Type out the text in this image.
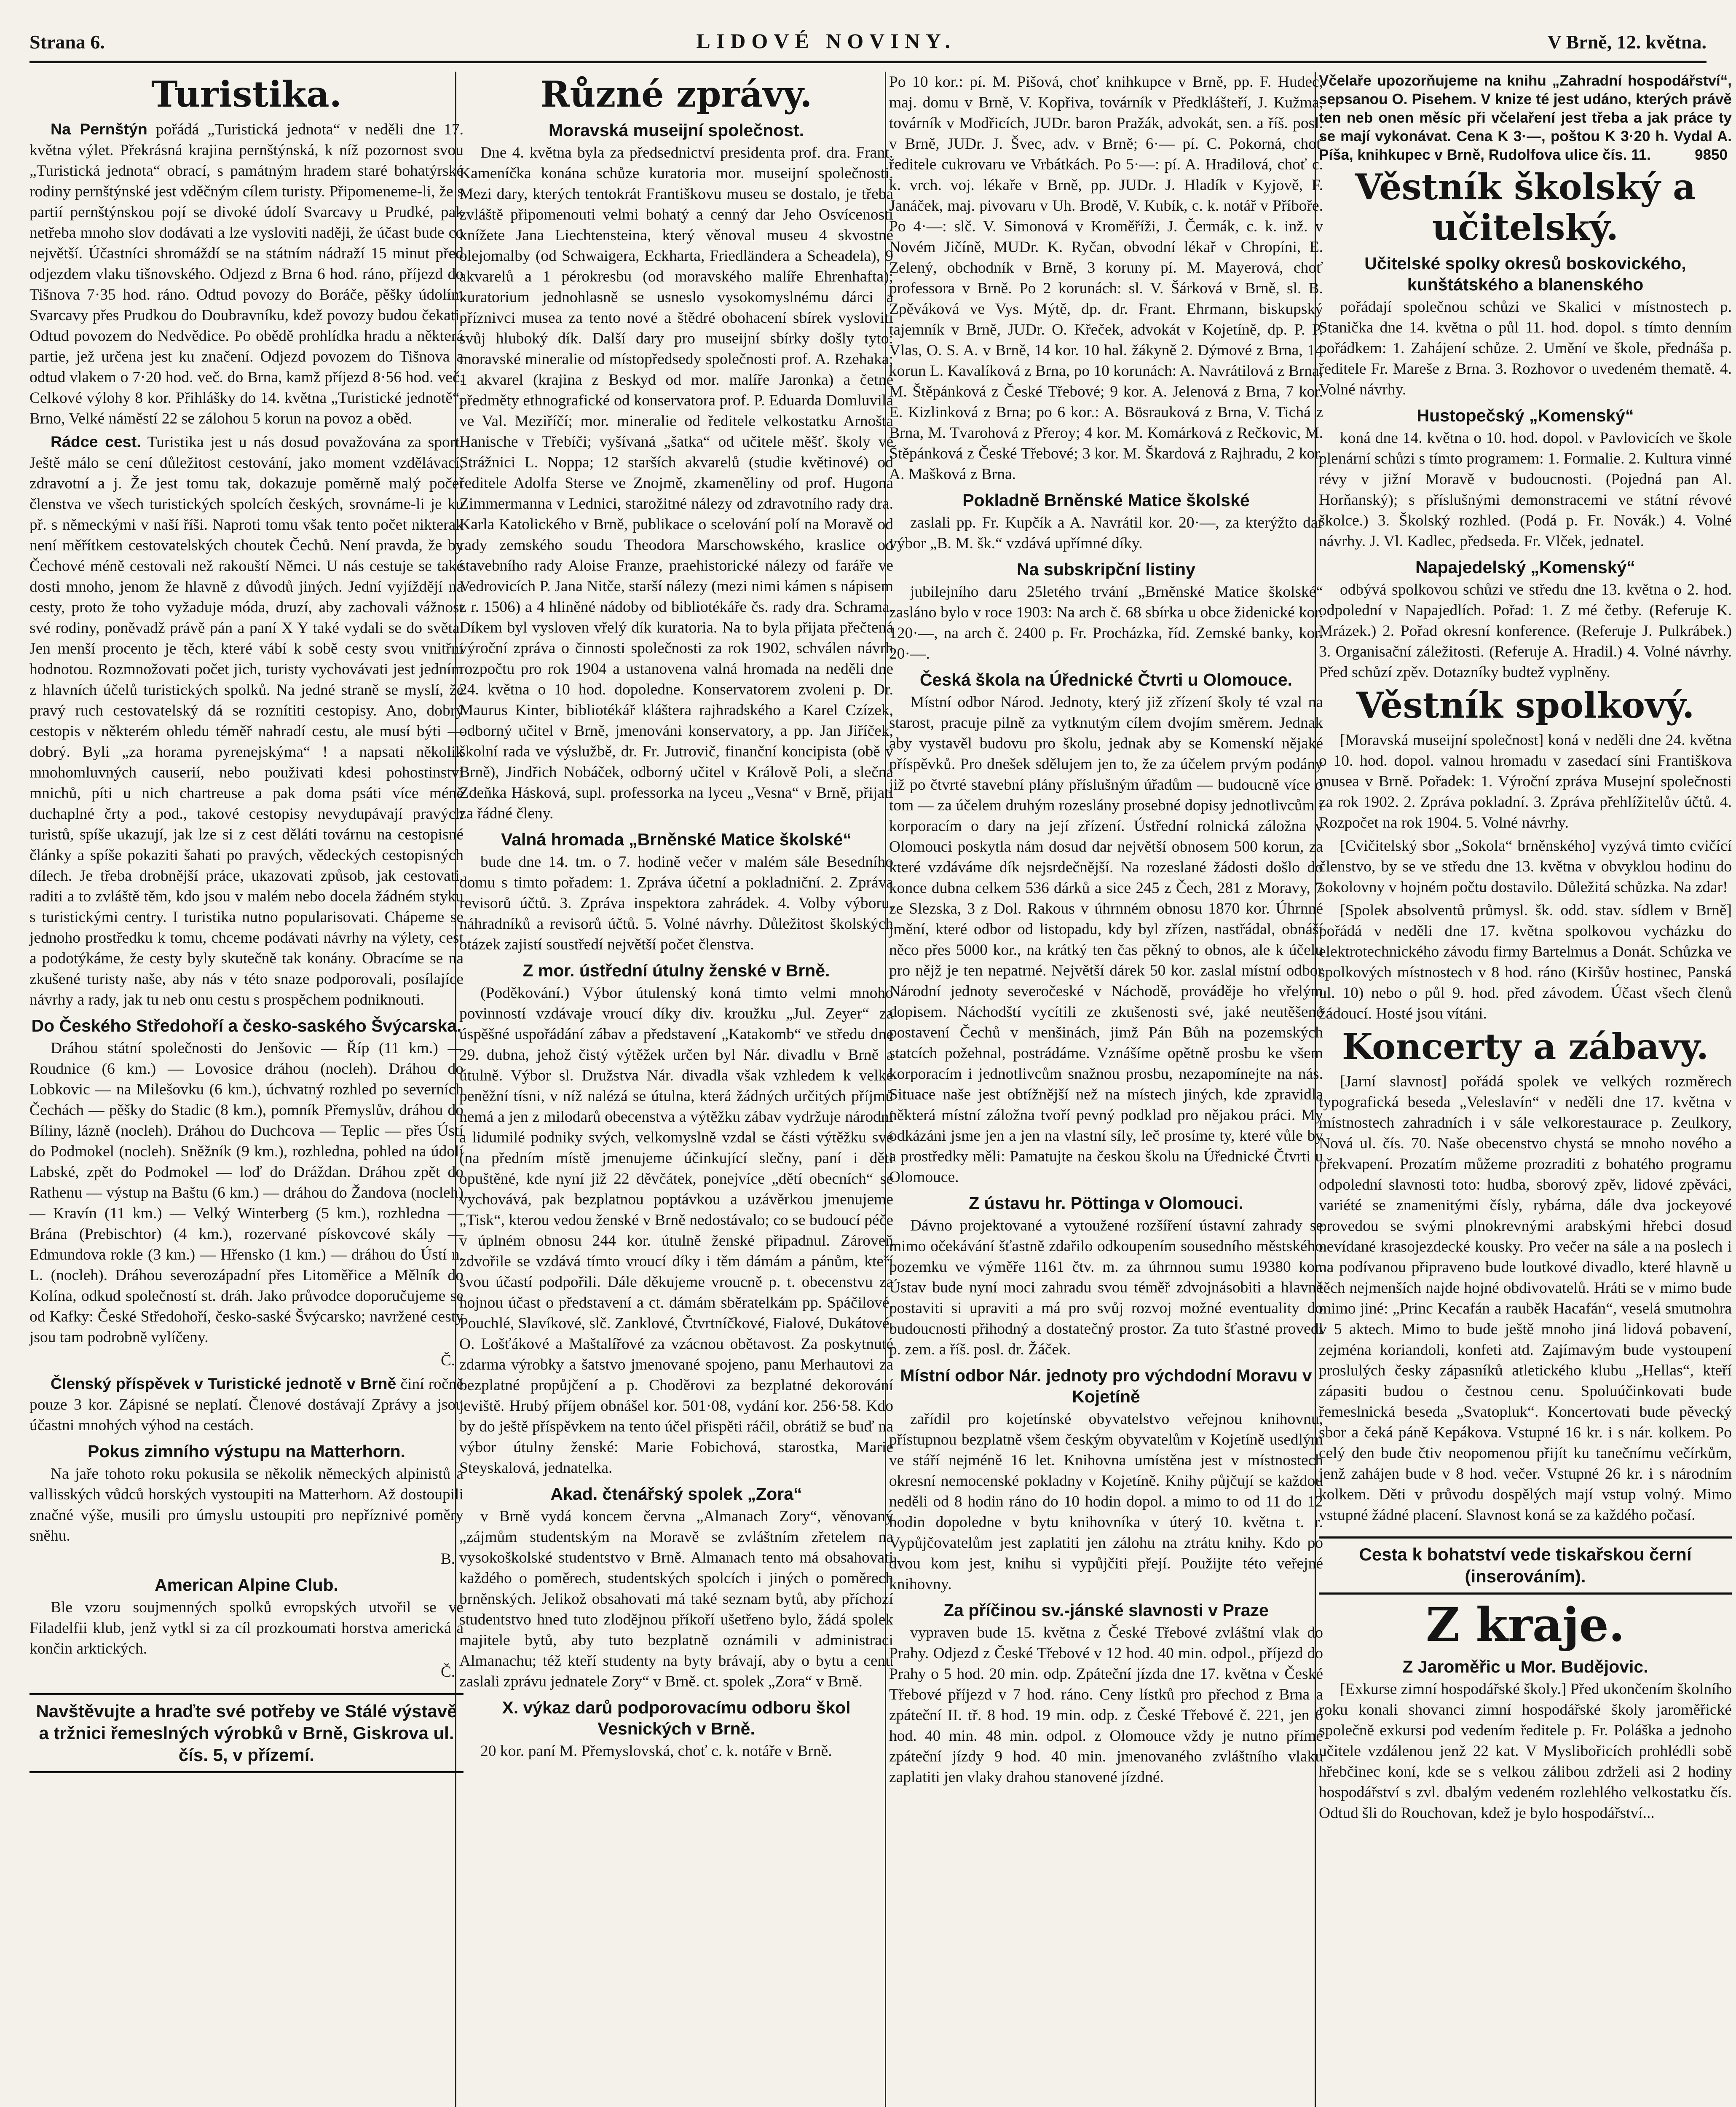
Strana 6.	LIDOVÉ NOVINY.	V Brně, 12. května.
Turistika.

Na Pernštýn pořádá „Turistická jednota“ v neděli dne 17. května výlet. Překrásná krajina pernštýnská, k níž pozornost svou „Turistická jednota“ obrací, s památným hradem staré bohatýrské rodiny pernštýnské jest vděčným cílem turisty. Připomeneme-li, že s partií pernštýnskou pojí se divoké údolí Svarcavy u Prudké, pak netřeba mnoho slov dodávati a lze vysloviti naději, že účast bude co největší. Účastníci shromáždí se na státním nádraží 15 minut před odjezdem vlaku tišnovského. Odjezd z Brna 6 hod. ráno, příjezd do Tišnova 7·35 hod. ráno. Odtud povozy do Boráče, pěšky údolím Svarcavy přes Prudkou do Doubravníku, kdež povozy budou čekati. Odtud povozem do Nedvědice. Po obědě prohlídka hradu a některá partie, jež určena jest ku značení. Odjezd povozem do Tišnova a odtud vlakem o 7·20 hod. več. do Brna, kamž příjezd 8·56 hod. več. Celkové výlohy 8 kor. Přihlášky do 14. května „Turistické jednotě“, Brno, Velké náměstí 22 se zálohou 5 korun na povoz a oběd.

Rádce cest. Turistika jest u nás dosud považována za sport. Ještě málo se cení důležitost cestování, jako moment vzdělávací, zdravotní a j. Že jest tomu tak, dokazuje poměrně malý počet členstva ve všech turistických spolcích českých, srovnáme-li je ku př. s německými v naší říši. Naproti tomu však tento počet nikterak není měřítkem cestovatelských choutek Čechů. Není pravda, že by Čechové méně cestovali než rakouští Němci. U nás cestuje se také dosti mnoho, jenom že hlavně z důvodů jiných. Jední vyjíždějí na cesty, proto že toho vyžaduje móda, druzí, aby zachovali vážnost své rodiny, poněvadž právě pán a paní X Y také vydali se do světa. Jen menší procento je těch, které vábí k sobě cesty svou vnitřní hodnotou. Rozmnožovati počet jich, turisty vychovávati jest jedním z hlavních účelů turistických spolků. Na jedné straně se myslí, že pravý ruch cestovatelský dá se roznítiti cestopisy. Ano, dobrý cestopis v některém ohledu téměř nahradí cestu, ale musí býti — dobrý. Byli „za horama pyrenejskýma“ ! a napsati několik mnohomluvných causerií, nebo použivati kdesi pohostinství mnichů, píti u nich chartreuse a pak doma psáti více méně duchaplné črty a pod., takové cestopisy nevydupávají pravých turistů, spíše ukazují, jak lze si z cest děláti továrnu na cestopisné články a spíše pokaziti šahati po pravých, vědeckých cestopisných dílech. Je třeba drobnější práce, ukazovati způsob, jak cestovati, raditi a to zvláště těm, kdo jsou v malém nebo docela žádném styku s turistickými centry. I turistika nutno popularisovati. Chápeme se jednoho prostředku k tomu, chceme podávati návrhy na výlety, cest a podotýkáme, že cesty byly skutečně tak konány. Obracíme se na zkušené turisty naše, aby nás v této snaze podporovali, posílajíce návrhy a rady, jak tu neb onu cestu s prospěchem podniknouti.

Do Českého Středohoří a česko-saského Švýcarska.

Dráhou státní společnosti do Jenšovic — Říp (11 km.) — Roudnice (6 km.) — Lovosice dráhou (nocleh). Dráhou do Lobkovic — na Milešovku (6 km.), úchvatný rozhled po severních Čechách — pěšky do Stadic (8 km.), pomník Přemyslův, dráhou do Bíliny, lázně (nocleh). Dráhou do Duchcova — Teplic — přes Ústí do Podmokel (nocleh). Sněžník (9 km.), rozhledna, pohled na údolí Labské, zpět do Podmokel — loď do Dráždan. Dráhou zpět do Rathenu — výstup na Baštu (6 km.) — dráhou do Žandova (nocleh) — Kravín (11 km.) — Velký Winterberg (5 km.), rozhledna — Brána (Prebischtor) (4 km.), rozervané pískovcové skály — Edmundova rokle (3 km.) — Hřensko (1 km.) — dráhou do Ústí n. L. (nocleh). Dráhou severozápadní přes Litoměřice a Mělník do Kolína, odkud společností st. dráh. Jako průvodce doporučujeme se od Kafky: České Středohoří, česko-saské Švýcarsko; navržené cesty jsou tam podrobně vylíčeny.

Č.

Členský příspěvek v Turistické jednotě v Brně činí ročně pouze 3 kor. Zápisné se neplatí. Členové dostávají Zprávy a jsou účastni mnohých výhod na cestách.

Pokus zimního výstupu na Matterhorn.

Na jaře tohoto roku pokusila se několik německých alpinistů a vallisských vůdců horských vystoupiti na Matterhorn. Až dostoupili značné výše, musili pro úmyslu ustoupiti pro nepříznivé poměry sněhu.

B.
American Alpine Club.

Ble vzoru soujmenných spolků evropských utvořil se ve Filadelfii klub, jenž vytkl si za cíl prozkoumati horstva americká a končin arktických.

Č.
Navštěvujte a hraďte své potřeby ve Stálé výstavě a tržnici řemeslných výrobků v Brně, Giskrova ul. čís. 5, v přízemí.
Různé zprávy.
Moravská museijní společnost.

Dne 4. května byla za předsednictví presidenta prof. dra. Frant. Kameníčka konána schůze kuratoria mor. museijní společnosti. Mezi dary, kterých tentokrát Františkovu museu se dostalo, je třeba zvláště připomenouti velmi bohatý a cenný dar Jeho Osvícenosti knížete Jana Liechtensteina, který věnoval museu 4 skvostné olejomalby (od Schwaigera, Eckharta, Friedländera a Scheadela), 9 akvarelů a 1 pérokresbu (od moravského malíře Ehrenhafta); kuratorium jednohlasně se usneslo vysokomyslnému dárci a příznivci musea za tento nové a štědré obohacení sbírek vysloviti svůj hluboký dík. Další dary pro museijní sbírky došly tyto: moravské mineralie od místopředsedy společnosti prof. A. Rzehaka; 1 akvarel (krajina z Beskyd od mor. malíře Jaronka) a četné předměty ethnografické od konservatora prof. P. Eduarda Domluvila ve Val. Meziříčí; mor. mineralie od ředitele velkostatku Arnošta Hanische v Třebíči; vyšívaná „šatka“ od učitele měšť. školy ve Strážnici L. Noppa; 12 starších akvarelů (studie květinové) od ředitele Adolfa Sterse ve Znojmě, zkamenělinу od prof. Hugona Zimmermanna v Lednici, starožitné nálezy od zdravotního rady dra. Karla Katolického v Brně, publikace o scelování polí na Moravě od rady zemského soudu Theodora Marschowského, kraslice od stavebního rady Aloise Franze, praehistorické nálezy od faráře ve Vedrovicích P. Jana Nitče, starší nálezy (mezi nimi kámen s nápisem z r. 1506) a 4 hliněné nádoby od bibliotékáře čs. rady dra. Schrama. Díkem byl vysloven vřelý dík kuratoria. Na to byla přijata přečtená výroční zpráva o činnosti společnosti za rok 1902, schválen návrh rozpočtu pro rok 1904 a ustanovena valná hromada na neděli dne 24. května o 10 hod. dopoledne. Konservatorem zvoleni p. Dr. Maurus Kinter, bibliotékář kláštera rajhradského a Karel Czízek, odborný učitel v Brně, jmenováni konservatory, a pp. Jan Jiříček, školní rada ve výslužbě, dr. Fr. Jutrovič, finanční koncipista (obě v Brně), Jindřich Nobáček, odborný učitel v Králově Poli, a slečna Zdeňka Hásková, supl. professorka na lyceu „Vesna“ v Brně, přijati za řádné členy.

Valná hromada „Brněnské Matice školské“

bude dne 14. tm. o 7. hodině večer v malém sále Besedního domu s timto pořadem: 1. Zpráva účetní a pokladniční. 2. Zpráva revisorů účtů. 3. Zpráva inspektora zahrádek. 4. Volby výboru, náhradníků a revisorů účtů. 5. Volné návrhy. Důležitost školských otázek zajistí soustředí největší počet členstva.

Z mor. ústřední útulny ženské v Brně.

(Poděkování.) Výbor útulenský koná timto velmi mnoho povinností vzdávaje vroucí díky div. kroužku „Jul. Zeyer“ za úspěšné uspořádání zábav a představení „Katakomb“ ve středu dne 29. dubna, jehož čistý výtěžek určen byl Nár. divadlu v Brně a útulně. Výbor sl. Družstva Nár. divadla však vzhledem k velké peněžní tísni, v níž nalézá se útulna, která žádných určitých příjmů nemá a jen z milodarů obecenstva a výtěžku zábav vydržuje národní a lidumilé podniky svých, velkomyslně vzdal se části výtěžku své (na předním místě jmenujeme účinkující slečny, paní i děti opuštěné, kde nyní již 22 děvčátek, ponejvíce „dětí obecních“ se vychovává, pak bezplatnou poptávkou a uzávěrkou jmenujeme „Tisk“, kterou vedou ženské v Brně nedostávalo; co se budoucí péče v úplném obnosu 244 kor. útulně ženské připadnul. Zároveň zdvořile se vzdává tímto vroucí díky i těm dámám a pánům, kteří svou účastí podpořili. Dále děkujeme vroucně p. t. obecenstvu za hojnou účast o představení a ct. dámám sběratelkám pp. Spáčilové, Pouchlé, Slavíkové, slč. Zanklové, Čtvrtníčkové, Fialové, Dukátové, O. Lošťákové a Maštalířové za vzácnou obětavost. Za poskytnuté zdarma výrobky a šatstvo jmenované spojeno, panu Merhautovi za bezplatné propůjčení a p. Choděrovi za bezplatné dekorování jeviště. Hrubý příjem obnášel kor. 501·08, vydání kor. 256·58. Kdo by do ještě příspěvkem na tento účel přispěti ráčil, obrátiž se buď na výbor útulny ženské: Marie Fobichová, starostka, Marie Steyskalová, jednatelka.

Akad. čtenářský spolek „Zora“

v Brně vydá koncem června „Almanach Zory“, věnovaný „zájmům studentským na Moravě se zvláštním zřetelem na vysokoškolské studentstvo v Brně. Almanach tento má obsahovati každého o poměrech, studentských spolcích i jiných o poměrech brněnských. Jelikož obsahovati má také seznam bytů, aby příchozí studentstvo hned tuto zlodějnou příkoří ušetřeno bylo, žádá spolek majitele bytů, aby tuto bezplatně oznámili v administraci Almanachu; též kteří studenty na byty brávají, aby o bytu a cenu zaslali zprávu jednatele Zory“ v Brně. ct. spolek „Zora“ v Brně.

X. výkaz darů podporovacímu odboru škol Vesnických v Brně.

20 kor. paní M. Přemyslovská, choť c. k. notáře v Brně.

Po 10 kor.: pí. M. Pišová, choť knihkupce v Brně, pp. F. Hudec, maj. domu v Brně, V. Kopřiva, továrník v Předklášteří, J. Kužma, továrník v Modřicích, JUDr. baron Pražák, advokát, sen. a říš. posl. v Brně, JUDr. J. Švec, adv. v Brně; 6·— pí. C. Pokorná, choť ředitele cukrovaru ve Vrbátkách. Po 5·—: pí. A. Hradilová, choť c. k. vrch. voj. lékaře v Brně, pp. JUDr. J. Hladík v Kyjově, F. Janáček, maj. pivovaru v Uh. Brodě, V. Kubík, c. k. notář v Příboře. Po 4·—: slč. V. Simonová v Kroměříži, J. Čermák, c. k. inž. v Novém Jičíně, MUDr. K. Ryčan, obvodní lékař v Chropíni, E. Zelený, obchodník v Brně, 3 koruny pí. M. Mayerová, choť professora v Brně. Po 2 korunách: sl. V. Šárková v Brně, sl. B. Zpěváková ve Vys. Mýtě, dp. dr. Frant. Ehrmann, biskupský tajemník v Brně, JUDr. O. Křeček, advokát v Kojetíně, dp. P. P. Vlas, O. S. A. v Brně, 14 kor. 10 hal. žákyně 2. Dýmové z Brna, 14 korun L. Kavalíková z Brna, po 10 korunách: A. Navrátilová z Brna, M. Štěpánková z České Třebové; 9 kor. A. Jelenová z Brna, 7 kor. E. Kizlinková z Brna; po 6 kor.: A. Bösrauková z Brna, V. Tichá z Brna, M. Tvarohová z Přeroy; 4 kor. M. Komárková z Rečkovic, M. Štěpánková z České Třebové; 3 kor. M. Škardová z Rajhradu, 2 kor. A. Mašková z Brna.

Pokladně Brněnské Matice školské

zaslali pp. Fr. Kupčík a A. Navrátil kor. 20·—, za kterýžto dar výbor „B. M. šk.“ vzdává upřímné díky.

Na subskripční listiny

jubilejního daru 25letého trvání „Brněnské Matice školské“ zasláno bylo v roce 1903: Na arch č. 68 sbírka u obce židenické kor. 120·—, na arch č. 2400 p. Fr. Procházka, říd. Zemské banky, kor. 20·—.

Česká škola na Úřednické Čtvrti u Olomouce.

Místní odbor Národ. Jednoty, který již zřízení školy té vzal na starost, pracuje pilně za vytknutým cílem dvojím směrem. Jednak aby vystavěl budovu pro školu, jednak aby se Komenskí nějaké příspěvků. Pro dnešek sdělujem jen to, že za účelem prvým podány již po čtvrté stavební plány příslušným úřadům — budoucně více o tom — za účelem druhým rozeslány prosebné dopisy jednotlivcům i korporacím o dary na její zřízení. Ústřední rolnická záložna v Olomouci poskytla nám dosud dar největší obnosem 500 korun, za které vzdáváme dík nejsrdečnější. Na rozeslané žádosti došlo do konce dubna celkem 536 dárků a sice 245 z Čech, 281 z Moravy, 7 ze Slezska, 3 z Dol. Rakous v úhrnném obnosu 1870 kor. Úhrnné jmění, které odbor od listopadu, kdy byl zřízen, nastřádal, obnáší něco přes 5000 kor., na krátký ten čas pěkný to obnos, ale k účelu pro nějž je ten nepatrné. Největší dárek 50 kor. zaslal místní odbor Národní jednoty severočeské v Náchodě, prováděje ho vřelým dopisem. Náchodští vycítili ze zkušenosti své, jaké neutěšené postavení Čechů v menšinách, jimž Pán Bůh na pozemských statcích požehnal, postrádáme. Vznášíme opětně prosbu ke všem korporacím i jednotlivcům snažnou prosbu, nezapomínejte na nás. Situace naše jest obtížnější než na místech jiných, kde zpravidla některá místní záložna tvoří pevný podklad pro nějakou práci. My odkázáni jsme jen a jen na vlastní síly, leč prosíme ty, které vůle by a prostředky měli: Pamatujte na českou školu na Úřednické Čtvrti u Olomouce.

Z ústavu hr. Pöttinga v Olomouci.

Dávno projektované a vytoužené rozšíření ústavní zahrady se mimo očekávání šťastně zdařilo odkoupením sousedního městského pozemku ve výměře 1161 čtv. m. za úhrnnou sumu 19380 kor. Ústav bude nyní moci zahradu svou téměř zdvojnásobiti a hlavně postaviti si upraviti a má pro svůj rozvoj možné eventuality do budoucnosti přihodný a dostatečný prostor. Za tuto šťastné provedl p. zem. a říš. posl. dr. Žáček.

Místní odbor Nár. jednoty pro výchdodní Moravu v Kojetíně

zařídil pro kojetínské obyvatelstvo veřejnou knihovnu, přístupnou bezplatně všem českým obyvatelům v Kojetíně usedlým ve stáří nejméně 16 let. Knihovna umístěna jest v místnostech okresní nemocenské pokladny v Kojetíně. Knihy půjčují se každou neděli od 8 hodin ráno do 10 hodin dopol. a mimo to od 11 do 12 hodin dopoledne v bytu knihovníka v úterý 10. května t. r. Vypůjčovatelům jest zaplatiti jen zálohu na ztrátu knihy. Kdo po dvou kom jest, knihu si vypůjčiti přejí. Použijte této veřejné knihovny.

Za příčinou sv.-jánské slavnosti v Praze

vypraven bude 15. května z České Třebové zvláštní vlak do Prahy. Odjezd z České Třebové v 12 hod. 40 min. odpol., příjezd do Prahy o 5 hod. 20 min. odp. Zpáteční jízda dne 17. května v České Třebové příjezd v 7 hod. ráno. Ceny lístků pro přechod z Brna a zpáteční II. tř. 8 hod. 19 min. odp. z České Třebové č. 221, jen 6 hod. 40 min. 48 min. odpol. z Olomouce vždy je nutno přímé zpáteční jízdy 9 hod. 40 min. jmenovaného zvláštního vlaku zaplatiti jen vlaky drahou stanovené jízdné.

Včelaře upozorňujeme na knihu „Zahradní hospodářství“, sepsanou O. Pisehem. V knize té jest udáno, kterých právě ten neb onen měsíc při včelaření jest třeba a jak práce ty se mají vykonávat. Cena K 3·—, poštou K 3·20 h. Vydal A. Píša, knihkupec v Brně, Rudolfova ulice čís. 11.	9850
Věstník školský a učitelský.
Učitelské spolky okresů boskovického, kunštátského a blanenského

pořádají společnou schůzi ve Skalici v místnostech p. Stanička dne 14. května o půl 11. hod. dopol. s tímto denním pořádkem: 1. Zahájení schůze. 2. Umění ve škole, přednáša p. ředitele Fr. Mareše z Brna. 3. Rozhovor o uvedeném thematě. 4. Volné návrhy.

Hustopečský „Komenský“

koná dne 14. května o 10. hod. dopol. v Pavlovicích ve škole plenární schůzi s tímto programem: 1. Formalie. 2. Kultura vinné révy v jižní Moravě v budoucnosti. (Pojedná pan Al. Horňanský); s příslušnými demonstracemi ve státní révové školce.) 3. Školský rozhled. (Podá p. Fr. Novák.) 4. Volné návrhy. J. Vl. Kadlec, předseda. Fr. Vlček, jednatel.

Napajedelský „Komenský“

odbývá spolkovou schůzi ve středu dne 13. května o 2. hod. odpolední v Napajedlích. Pořad: 1. Z mé četby. (Referuje K. Mrázek.) 2. Pořad okresní konference. (Referuje J. Pulkrábek.) 3. Organisační záležitosti. (Referuje A. Hradil.) 4. Volné návrhy. Před schůzí zpěv. Dotazníky budtež vyplněny.

Věstník spolkový.

[Moravská museijní společnost] koná v neděli dne 24. května o 10. hod. dopol. valnou hromadu v zasedací síni Františkova musea v Brně. Pořadek: 1. Výroční zpráva Musejní společnosti za rok 1902. 2. Zpráva pokladní. 3. Zpráva přehlížitelův účtů. 4. Rozpočet na rok 1904. 5. Volné návrhy.

[Cvičitelský sbor „Sokola“ brněnského] vyzývá timto cvičící členstvo, by se ve středu dne 13. května v obvyklou hodinu do sokolovny v hojném počtu dostavilo. Důležitá schůzka. Na zdar!

[Spolek absolventů průmysl. šk. odd. stav. sídlem v Brně] pořádá v neděli dne 17. května spolkovou vycházku do elektrotechnického závodu firmy Bartelmus a Donát. Schůzka ve spolkových místnostech v 8 hod. ráno (Kiršův hostinec, Panská ul. 10) nebo o půl 9. hod. před závodem. Účast všech členů žádoucí. Hosté jsou vítáni.

Koncerty a zábavy.

[Jarní slavnost] pořádá spolek ve velkých rozměrech typografická beseda „Veleslavín“ v neděli dne 17. května v místnostech zahradních i v sále velkorestaurace p. Zeulkory, Nová ul. čís. 70. Naše obecenstvo chystá se mnoho nového a překvapení. Prozatím můžeme prozraditi z bohatého programu odpolední slavnosti toto: hudba, sborový zpěv, lidové zpěváci, variété se znamenitými čísly, rybárna, dále dva jockeyové provedou se svými plnokrevnými arabskými hřebci dosud nevídané krasojezdecké kousky. Pro večer na sále a na poslech i na podívanou připraveno bude loutkové divadlo, které hlavně u těch nejmenších najde hojné obdivovatelů. Hráti se v mimo bude mimo jiné: „Princ Kecafán a rauběk Hacafán“, veselá smutnohra v 5 aktech. Mimo to bude ještě mnoho jiná lidová pobavení, zejména koriandoli, konfeti atd. Zajímavým bude vystoupení proslulých česky zápasníků atletického klubu „Hellas“, kteří zápasiti budou o čestnou cenu. Spoluúčinkovati bude řemeslnická beseda „Svatopluk“. Koncertovati bude pěvecký sbor a čeká páně Kepákova. Vstupné 16 kr. i s nár. kolkem. Po celý den bude čtiv neopomenou přijít ku tanečnímu večírkům, jenž zahájen bude v 8 hod. večer. Vstupné 26 kr. i s národním kolkem. Děti v průvodu dospělých mají vstup volný. Mimo vstupné žádné placení. Slavnost koná se za každého počasí.

Cesta k bohatství vede tiskařskou černí (inserováním).
Z kraje.
Z Jaroměřic u Mor. Budějovic.

[Exkurse zimní hospodářské školy.] Před ukončením školního roku konali shovanci zimní hospodářské školy jaroměřické společně exkursi pod vedením ředitele p. Fr. Poláška a jednoho učitele vzdálenou jenž 22 kat. V Myslibořicích prohlédli sobě hřebčinec koní, kde se s velkou zálibou zdrželi asi 2 hodiny hospodářství s zvl. dbalým vedeném rozlehlého velkostatku čís. Odtud šli do Rouchovan, kdež je bylo hospodářství...
